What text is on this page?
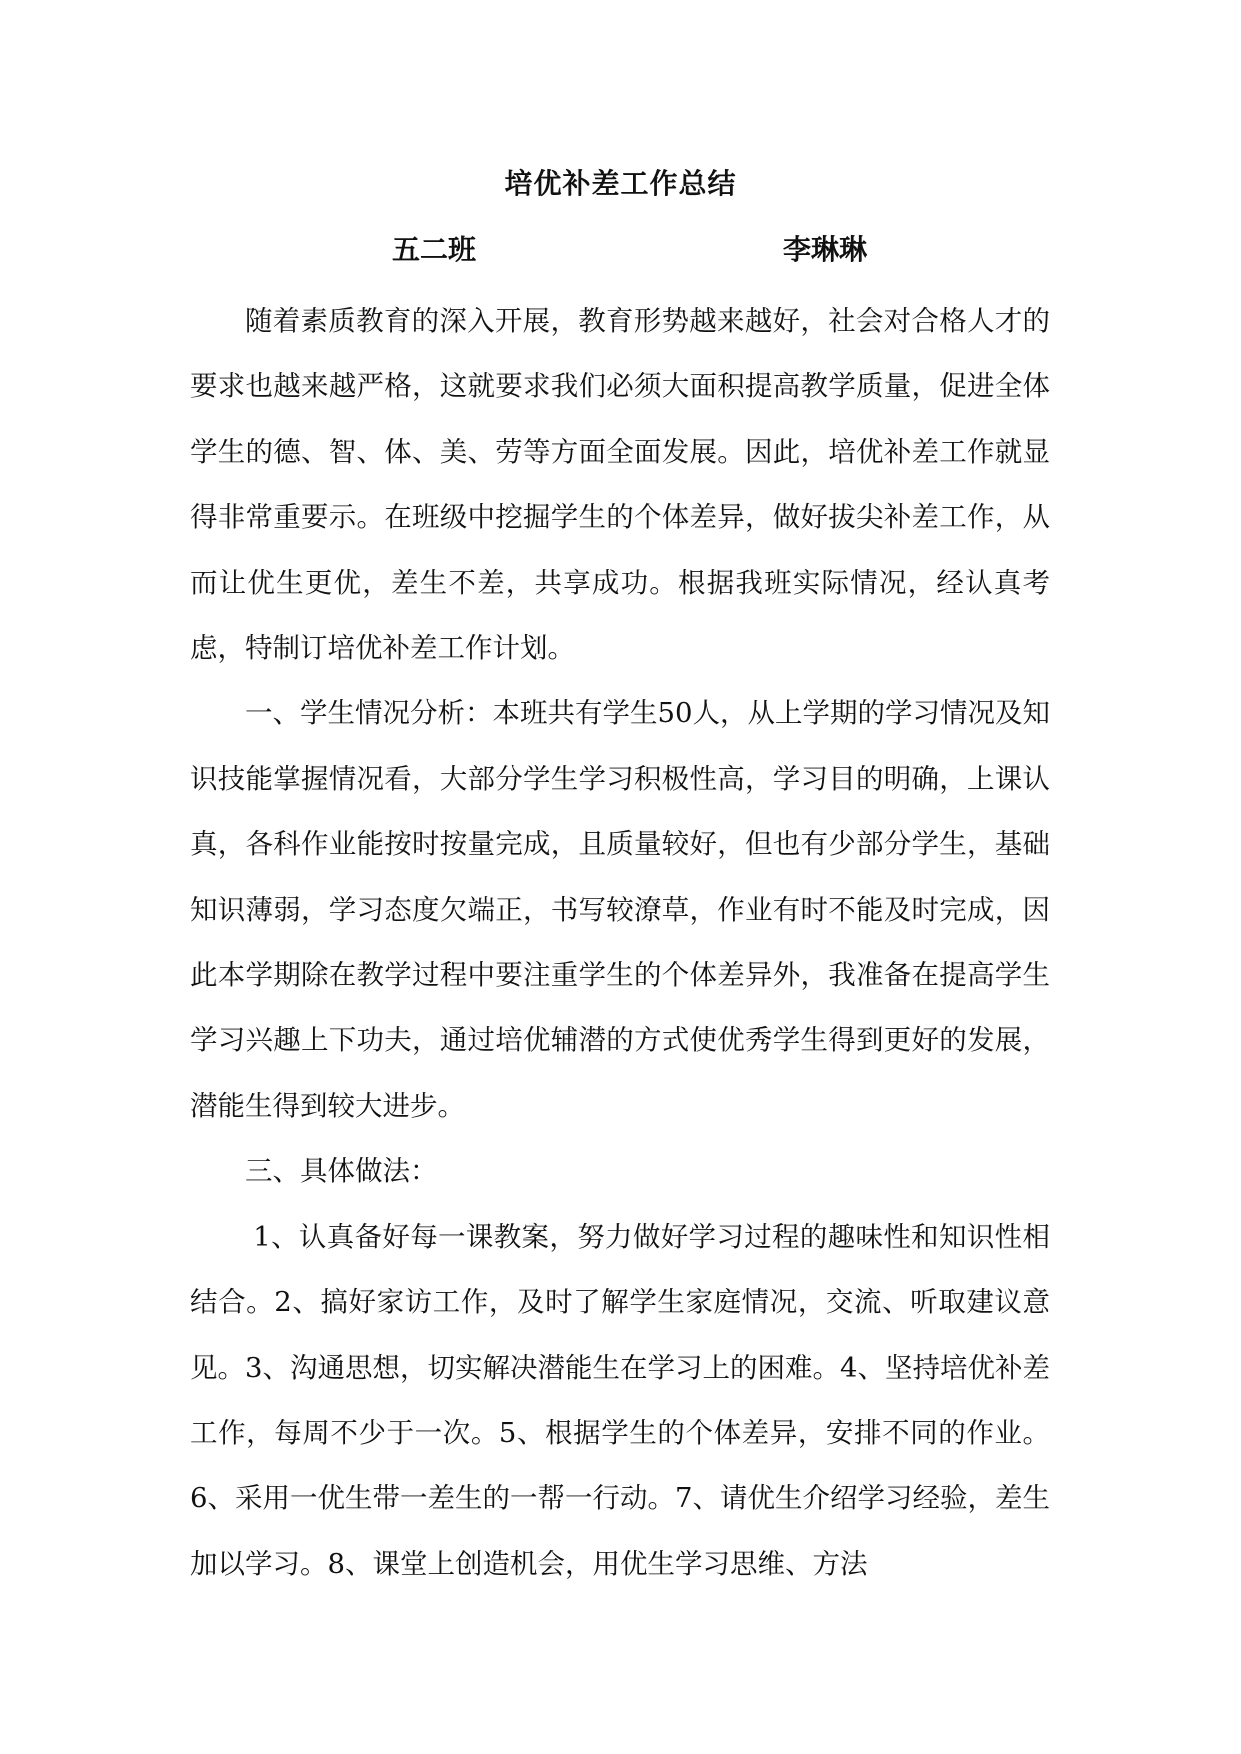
培优补差工作总结
五二班	李琳琳

随着素质教育的深入开展，教育形势越来越好，社会对合格人才的要求也越来越严格，这就要求我们必须大面积提高教学质量，促进全体学生的德、智、体、美、劳等方面全面发展。因此，培优补差工作就显得非常重要示。在班级中挖掘学生的个体差异，做好拔尖补差工作，从而让优生更优，差生不差，共享成功。根据我班实际情况，经认真考虑，特制订培优补差工作计划。

一、学生情况分析：本班共有学生50人，从上学期的学习情况及知识技能掌握情况看，大部分学生学习积极性高，学习目的明确，上课认真，各科作业能按时按量完成，且质量较好，但也有少部分学生，基础知识薄弱，学习态度欠端正，书写较潦草，作业有时不能及时完成，因此本学期除在教学过程中要注重学生的个体差异外，我准备在提高学生学习兴趣上下功夫，通过培优辅潜的方式使优秀学生得到更好的发展，潜能生得到较大进步。

三、具体做法：

1、认真备好每一课教案，努力做好学习过程的趣味性和知识性相结合。2、搞好家访工作，及时了解学生家庭情况，交流、听取建议意见。3、沟通思想，切实解决潜能生在学习上的困难。4、坚持培优补差工作，每周不少于一次。5、根据学生的个体差异，安排不同的作业。6、采用一优生带一差生的一帮一行动。7、请优生介绍学习经验，差生加以学习。8、课堂上创造机会，用优生学习思维、方法
